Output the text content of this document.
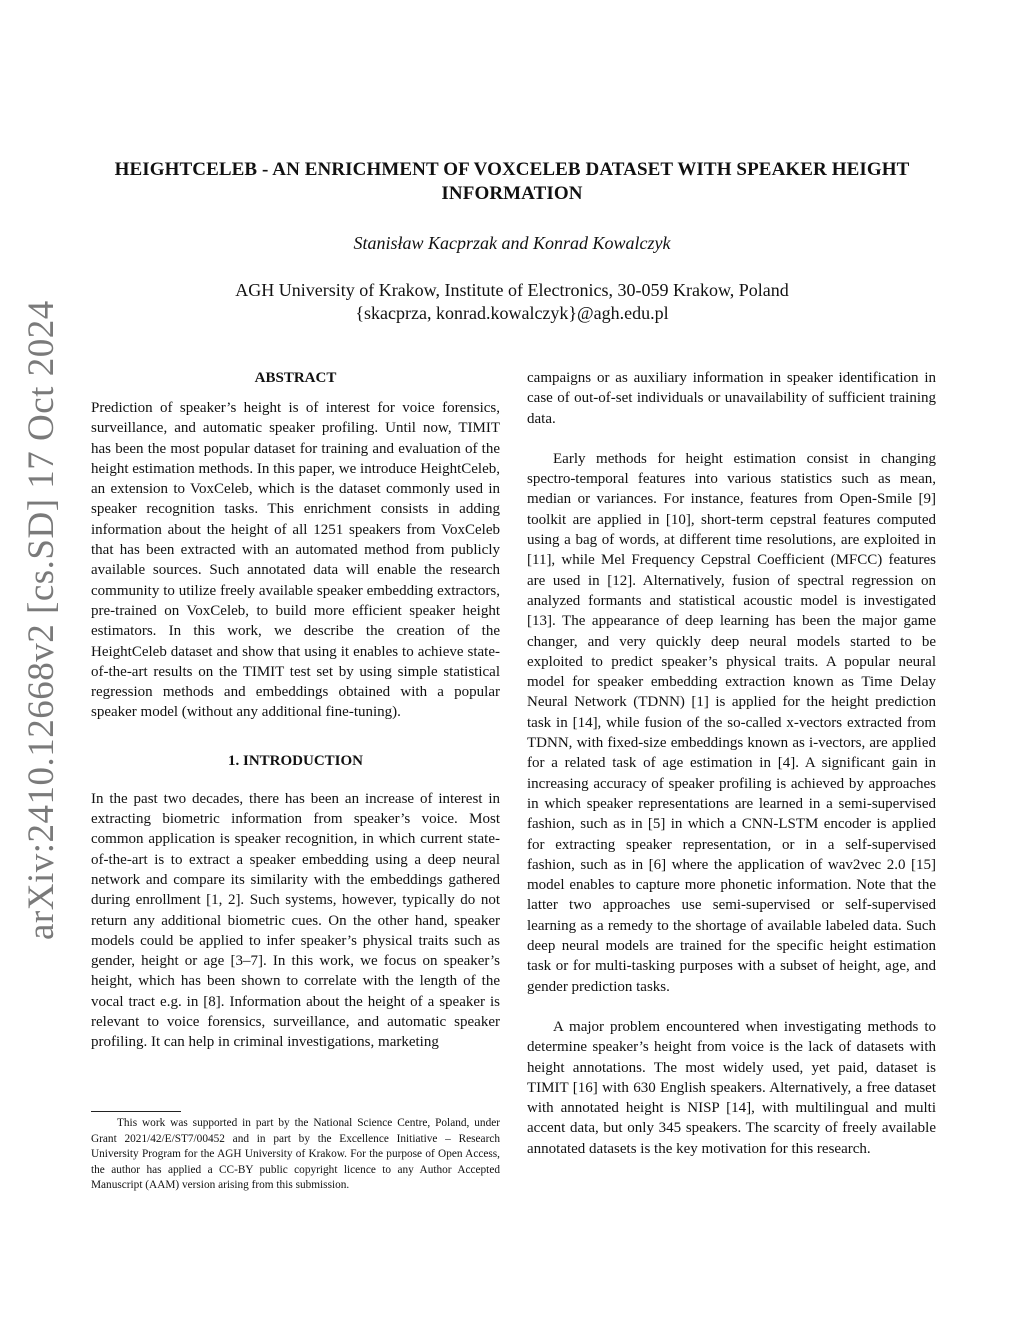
HEIGHTCELEB - AN ENRICHMENT OF VOXCELEB DATASET WITH SPEAKER HEIGHT INFORMATION
Stanisław Kacprzak and Konrad Kowalczyk
AGH University of Krakow, Institute of Electronics, 30-059 Krakow, Poland
{skacprza, konrad.kowalczyk}@agh.edu.pl
arXiv:2410.12668v2 [cs.SD] 17 Oct 2024	ABSTRACT

Prediction of speaker’s height is of interest for voice forensics, surveillance, and automatic speaker profiling. Until now, TIMIT has been the most popular dataset for training and evaluation of the height estimation methods. In this paper, we introduce HeightCeleb, an extension to VoxCeleb, which is the dataset commonly used in speaker recognition tasks. This enrichment consists in adding information about the height of all 1251 speakers from VoxCeleb that has been extracted with an automated method from publicly available sources. Such annotated data will enable the research community to utilize freely available speaker embedding extractors, pre-trained on VoxCeleb, to build more efficient speaker height estimators. In this work, we describe the creation of the HeightCeleb dataset and show that using it enables to achieve state-of-the-art results on the TIMIT test set by using simple statistical regression methods and embeddings obtained with a popular speaker model (without any additional fine-tuning).

1. INTRODUCTION

In the past two decades, there has been an increase of interest in extracting biometric information from speaker’s voice. Most common application is speaker recognition, in which current state-of-the-art is to extract a speaker embedding using a deep neural network and compare its similarity with the embeddings gathered during enrollment [1, 2]. Such systems, however, typically do not return any additional biometric cues. On the other hand, speaker models could be applied to infer speaker’s physical traits such as gender, height or age [3–7]. In this work, we focus on speaker’s height, which has been shown to correlate with the length of the vocal tract e.g. in [8]. Information about the height of a speaker is relevant to voice forensics, surveillance, and automatic speaker profiling. It can help in criminal investigations, marketing

campaigns or as auxiliary information in speaker identification in case of out-of-set individuals or unavailability of sufficient training data.

Early methods for height estimation consist in changing spectro-temporal features into various statistics such as mean, median or variances. For instance, features from Open-Smile [9] toolkit are applied in [10], short-term cepstral features computed using a bag of words, at different time resolutions, are exploited in [11], while Mel Frequency Cepstral Coefficient (MFCC) features are used in [12]. Alternatively, fusion of spectral regression on analyzed formants and statistical acoustic model is investigated [13]. The appearance of deep learning has been the major game changer, and very quickly deep neural models started to be exploited to predict speaker’s physical traits. A popular neural model for speaker embedding extraction known as Time Delay Neural Network (TDNN) [1] is applied for the height prediction task in [14], while fusion of the so-called x-vectors extracted from TDNN, with fixed-size embeddings known as i-vectors, are applied for a related task of age estimation in [4]. A significant gain in increasing accuracy of speaker profiling is achieved by approaches in which speaker representations are learned in a semi-supervised fashion, such as in [5] in which a CNN-LSTM encoder is applied for extracting speaker representation, or in a self-supervised fashion, such as in [6] where the application of wav2vec 2.0 [15] model enables to capture more phonetic information. Note that the latter two approaches use semi-supervised or self-supervised learning as a remedy to the shortage of available labeled data. Such deep neural models are trained for the specific height estimation task or for multi-tasking purposes with a subset of height, age, and gender prediction tasks.

A major problem encountered when investigating methods to determine speaker’s height from voice is the lack of datasets with height annotations. The most widely used, yet paid, dataset is TIMIT [16] with 630 English speakers. Alternatively, a free dataset with annotated height is NISP [14], with multilingual and multi accent data, but only 345 speakers. The scarcity of freely available annotated datasets is the key motivation for this research.

This work was supported in part by the National Science Centre, Poland, under Grant 2021/42/E/ST7/00452 and in part by the Excellence Initiative – Research University Program for the AGH University of Krakow. For the purpose of Open Access, the author has applied a CC-BY public copyright licence to any Author Accepted Manuscript (AAM) version arising from this submission.
